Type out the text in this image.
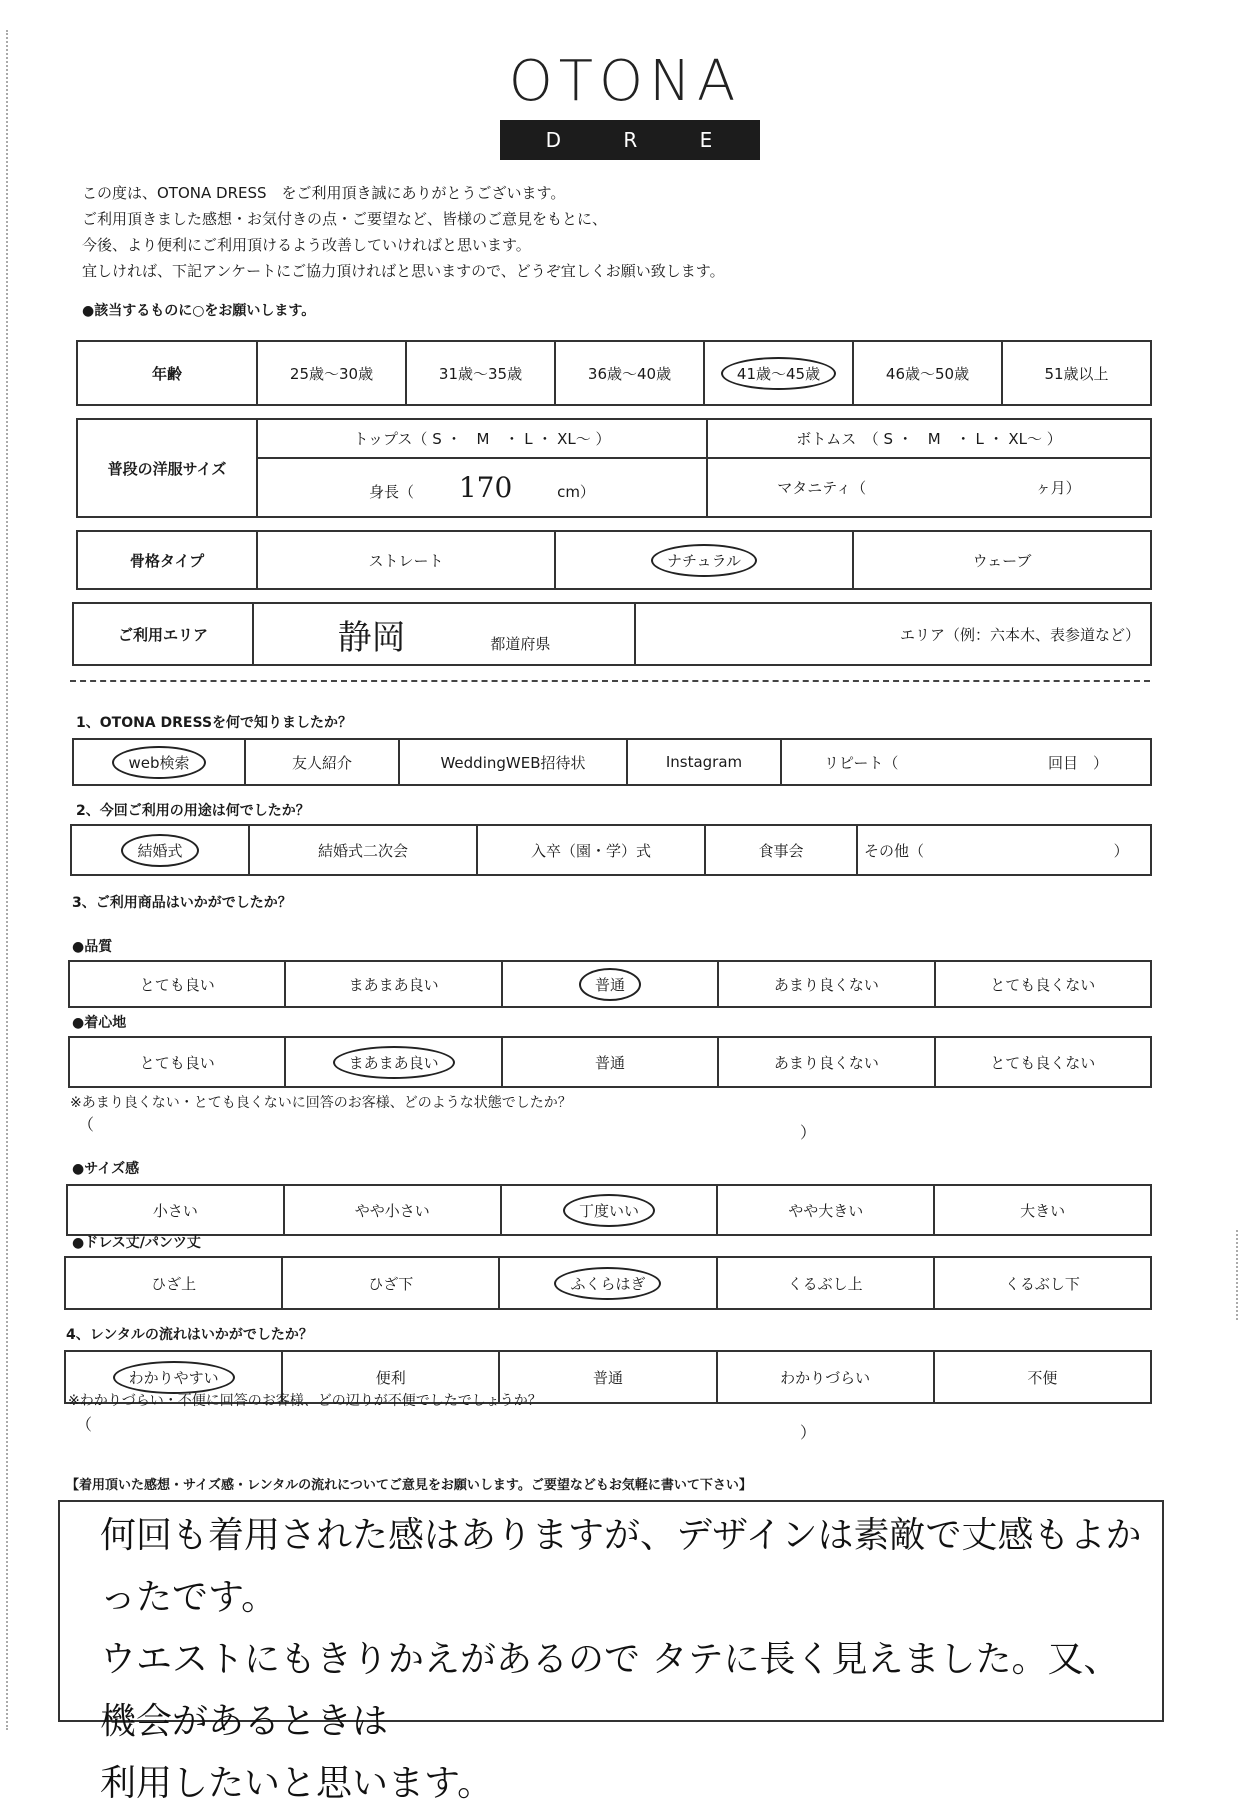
OTONA
D R E S S
この度は、OTONA DRESS　をご利用頂き誠にありがとうございます。
ご利用頂きました感想・お気付きの点・ご要望など、皆様のご意見をもとに、
今後、より便利にご利用頂けるよう改善していければと思います。
宜しければ、下記アンケートにご協力頂ければと思いますので、どうぞ宜しくお願い致します。
●該当するものに○をお願いします。
年齢	25歳～30歳	31歳～35歳	36歳～40歳	41歳～45歳	46歳～50歳	51歳以上
普段の洋服サイズ	トップス（ S ・　M　・ L ・ XL～ ）	ボトムス　（ S ・　M　・ L ・ XL～ ）
	身長（ 170 cm）	マタニティ（ ヶ月）
骨格タイプ	ストレート	ナチュラル	ウェーブ
ご利用エリア	静岡	都道府県	エリア（例：六本木、表参道など）
1、OTONA DRESSを何で知りましたか？
web検索	友人紹介	WeddingWEB招待状	Instagram	リピート（	回目　）
2、今回ご利用の用途は何でしたか？
結婚式	結婚式二次会	入卒（園・学）式	食事会	その他（	）
3、ご利用商品はいかがでしたか？
●品質
とても良い	まあまあ良い	普通	あまり良くない	とても良くない
●着心地
とても良い	まあまあ良い	普通	あまり良くない	とても良くない
※あまり良くない・とても良くないに回答のお客様、どのような状態でしたか？
（	）
●サイズ感
小さい	やや小さい	丁度いい	やや大きい	大きい
●ドレス丈/パンツ丈
ひざ上	ひざ下	ふくらはぎ	くるぶし上	くるぶし下
4、レンタルの流れはいかがでしたか？
わかりやすい	便利	普通	わかりづらい	不便
※わかりづらい・不便に回答のお客様、どの辺りが不便でしたでしょうか？
（	）
【着用頂いた感想・サイズ感・レンタルの流れについてご意見をお願いします。ご要望などもお気軽に書いて下さい】
何回も着用された感はありますが、デザインは素敵で丈感もよかったです。
ウエストにもきりかえがあるので タテに長く見えました。又、機会があるときは
利用したいと思います。
